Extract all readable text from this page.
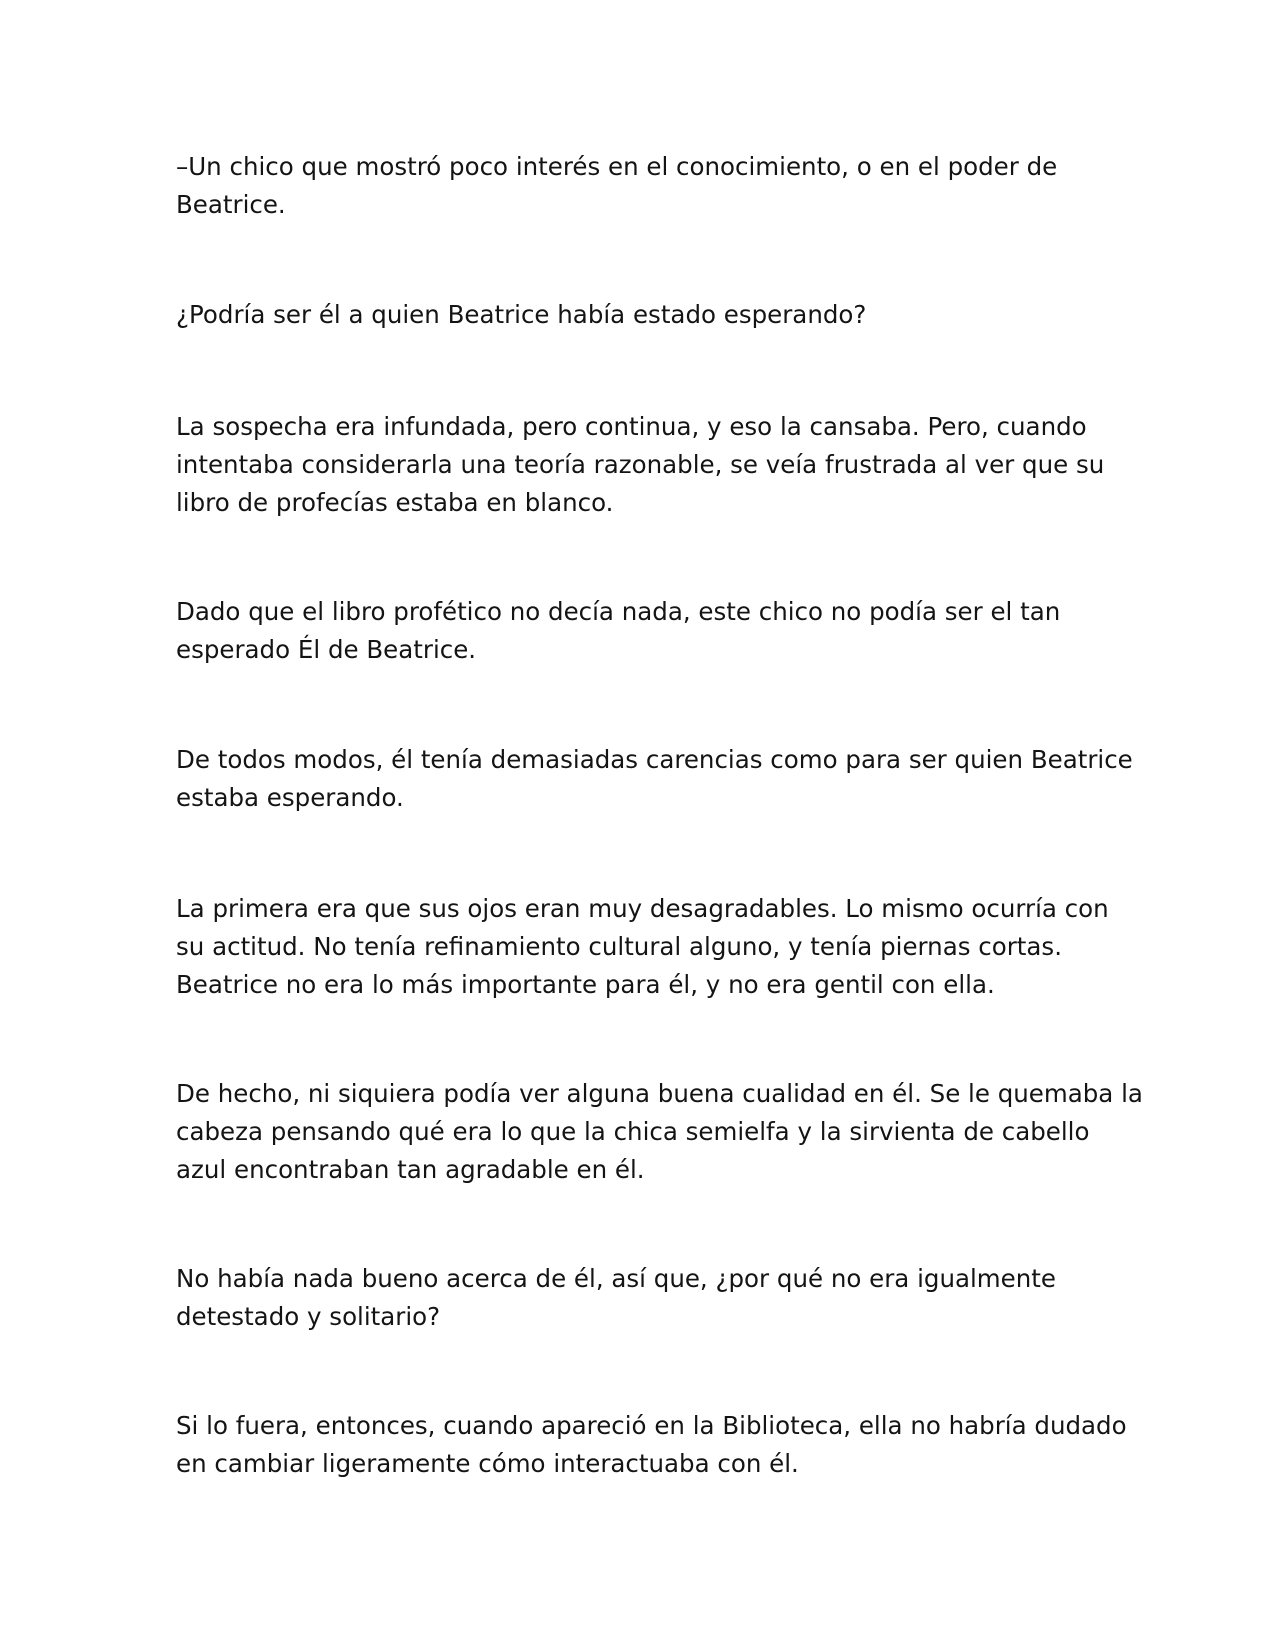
–Un chico que mostró poco interés en el conocimiento, o en el poder de
Beatrice.

¿Podría ser él a quien Beatrice había estado esperando?

La sospecha era infundada, pero continua, y eso la cansaba. Pero, cuando
intentaba considerarla una teoría razonable, se veía frustrada al ver que su
libro de profecías estaba en blanco.

Dado que el libro profético no decía nada, este chico no podía ser el tan
esperado Él de Beatrice.

De todos modos, él tenía demasiadas carencias como para ser quien Beatrice
estaba esperando.

La primera era que sus ojos eran muy desagradables. Lo mismo ocurría con
su actitud. No tenía refinamiento cultural alguno, y tenía piernas cortas.
Beatrice no era lo más importante para él, y no era gentil con ella.

De hecho, ni siquiera podía ver alguna buena cualidad en él. Se le quemaba la
cabeza pensando qué era lo que la chica semielfa y la sirvienta de cabello
azul encontraban tan agradable en él.

No había nada bueno acerca de él, así que, ¿por qué no era igualmente
detestado y solitario?

Si lo fuera, entonces, cuando apareció en la Biblioteca, ella no habría dudado
en cambiar ligeramente cómo interactuaba con él.
